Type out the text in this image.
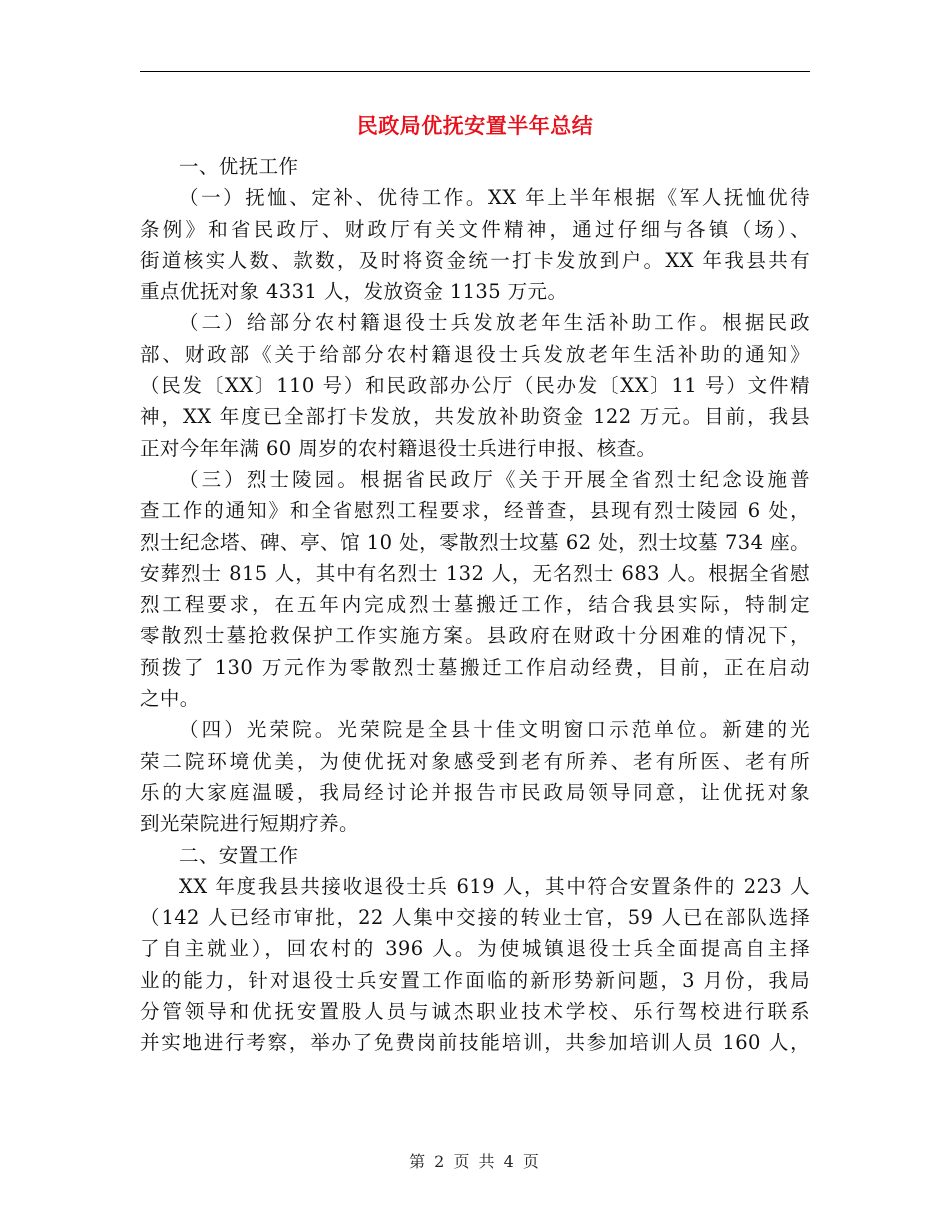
民政局优抚安置半年总结
一、优抚工作
（一）抚恤、定补、优待工作。XX 年上半年根据《军人抚恤优待
条例》和省民政厅、财政厅有关文件精神，通过仔细与各镇（场）、
街道核实人数、款数，及时将资金统一打卡发放到户。XX 年我县共有
重点优抚对象 4331 人，发放资金 1135 万元。
（二）给部分农村籍退役士兵发放老年生活补助工作。根据民政
部、财政部《关于给部分农村籍退役士兵发放老年生活补助的通知》
（民发〔XX〕110 号）和民政部办公厅（民办发〔XX〕11 号）文件精
神，XX 年度已全部打卡发放，共发放补助资金 122 万元。目前，我县
正对今年年满 60 周岁的农村籍退役士兵进行申报、核查。
（三）烈士陵园。根据省民政厅《关于开展全省烈士纪念设施普
查工作的通知》和全省慰烈工程要求，经普查，县现有烈士陵园 6 处，
烈士纪念塔、碑、亭、馆 10 处，零散烈士坟墓 62 处，烈士坟墓 734 座。
安葬烈士 815 人，其中有名烈士 132 人，无名烈士 683 人。根据全省慰
烈工程要求，在五年内完成烈士墓搬迁工作，结合我县实际，特制定
零散烈士墓抢救保护工作实施方案。县政府在财政十分困难的情况下，
预拨了 130 万元作为零散烈士墓搬迁工作启动经费，目前，正在启动
之中。
（四）光荣院。光荣院是全县十佳文明窗口示范单位。新建的光
荣二院环境优美，为使优抚对象感受到老有所养、老有所医、老有所
乐的大家庭温暖，我局经讨论并报告市民政局领导同意，让优抚对象
到光荣院进行短期疗养。
二、安置工作
XX 年度我县共接收退役士兵 619 人，其中符合安置条件的 223 人
（142 人已经市审批，22 人集中交接的转业士官，59 人已在部队选择
了自主就业），回农村的 396 人。为使城镇退役士兵全面提高自主择
业的能力，针对退役士兵安置工作面临的新形势新问题，3 月份，我局
分管领导和优抚安置股人员与诚杰职业技术学校、乐行驾校进行联系
并实地进行考察，举办了免费岗前技能培训，共参加培训人员 160 人，
第 2 页 共 4 页
